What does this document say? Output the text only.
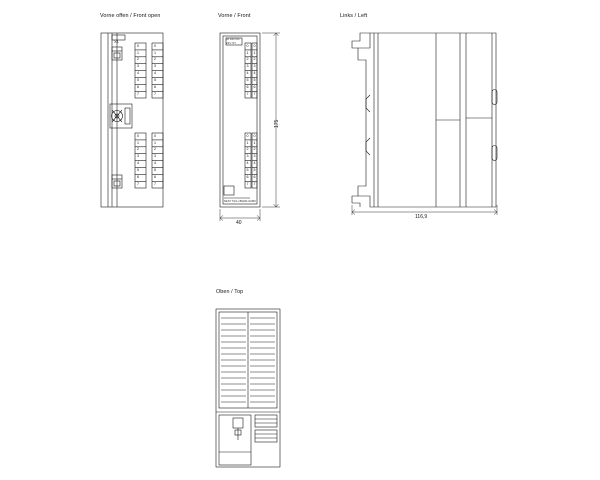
Vorne offen / Front open	Vorne / Front	Links / Left
Oben / Top
0
1
2
3
4
5
6
7
0
1
2
3
4
5
6
7
0
1
2
3
4
5
6
7
0
1
2
3
4
5
6
7
X1
0
1
2
3
4
5
6
7
0
1
2
3
4
5
6
7
0
1
2
3
4
5
6
7
0
1
2
3
4
5
6
7
DI 16x DC
24V ST
6ES7 521-1BH00-0AB0
175
40
116,9
